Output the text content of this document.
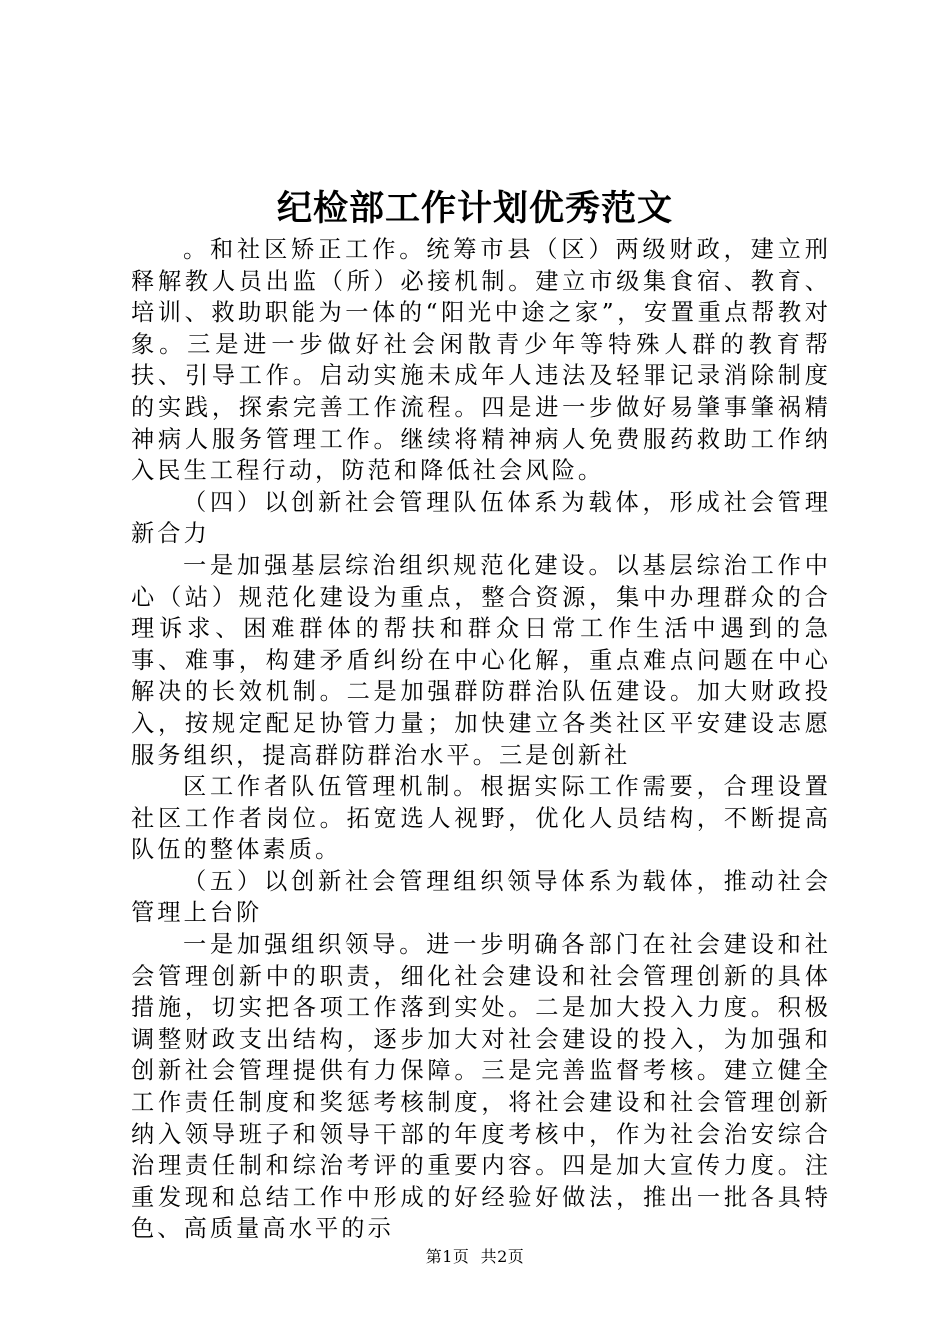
纪检部工作计划优秀范文

。和社区矫正工作。统筹市县（区）两级财政，建立刑释解教人员出监（所）必接机制。建立市级集食宿、教育、培训、救助职能为一体的“阳光中途之家”，安置重点帮教对象。三是进一步做好社会闲散青少年等特殊人群的教育帮扶、引导工作。启动实施未成年人违法及轻罪记录消除制度的实践，探索完善工作流程。四是进一步做好易肇事肇祸精神病人服务管理工作。继续将精神病人免费服药救助工作纳入民生工程行动，防范和降低社会风险。

（四）以创新社会管理队伍体系为载体，形成社会管理新合力

一是加强基层综治组织规范化建设。以基层综治工作中心（站）规范化建设为重点，整合资源，集中办理群众的合理诉求、困难群体的帮扶和群众日常工作生活中遇到的急事、难事，构建矛盾纠纷在中心化解，重点难点问题在中心解决的长效机制。二是加强群防群治队伍建设。加大财政投入，按规定配足协管力量；加快建立各类社区平安建设志愿服务组织，提高群防群治水平。三是创新社

区工作者队伍管理机制。根据实际工作需要，合理设置社区工作者岗位。拓宽选人视野，优化人员结构，不断提高队伍的整体素质。

（五）以创新社会管理组织领导体系为载体，推动社会管理上台阶

一是加强组织领导。进一步明确各部门在社会建设和社会管理创新中的职责，细化社会建设和社会管理创新的具体措施，切实把各项工作落到实处。二是加大投入力度。积极调整财政支出结构，逐步加大对社会建设的投入，为加强和创新社会管理提供有力保障。三是完善监督考核。建立健全工作责任制度和奖惩考核制度，将社会建设和社会管理创新纳入领导班子和领导干部的年度考核中，作为社会治安综合治理责任制和综治考评的重要内容。四是加大宣传力度。注重发现和总结工作中形成的好经验好做法，推出一批各具特色、高质量高水平的示

第1页 共2页
